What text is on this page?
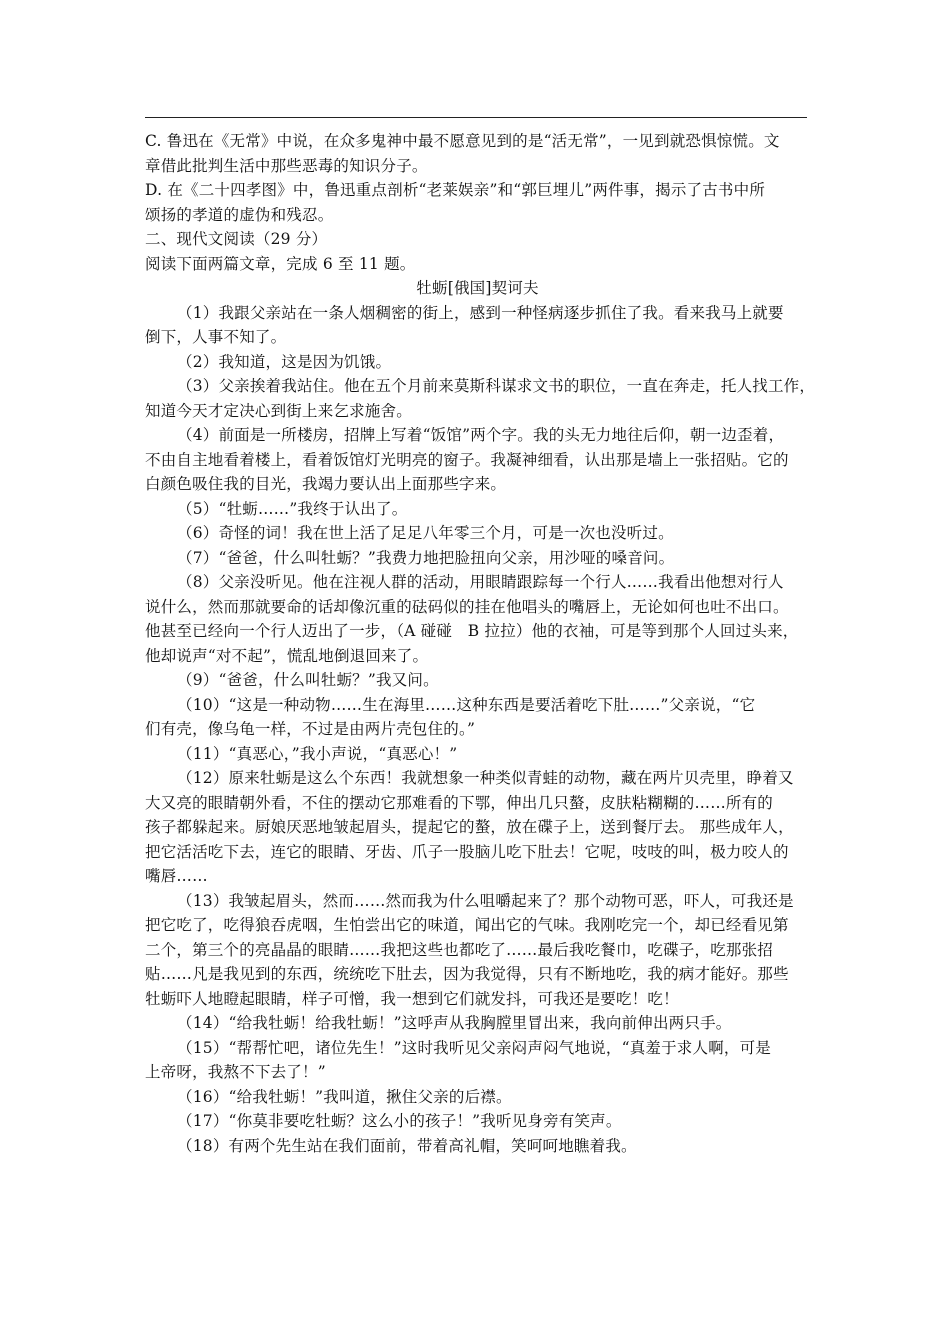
C. 鲁迅在《无常》中说，在众多鬼神中最不愿意见到的是“活无常”，一见到就恐惧惊慌。文
章借此批判生活中那些恶毒的知识分子。
D. 在《二十四孝图》中，鲁迅重点剖析“老莱娱亲”和“郭巨埋儿”两件事，揭示了古书中所
颂扬的孝道的虚伪和残忍。
二、现代文阅读（29 分）
阅读下面两篇文章，完成 6 至 11 题。
牡蛎[俄国]契诃夫
（1）我跟父亲站在一条人烟稠密的街上，感到一种怪病逐步抓住了我。看来我马上就要
倒下，人事不知了。
（2）我知道，这是因为饥饿。
（3）父亲挨着我站住。他在五个月前来莫斯科谋求文书的职位，一直在奔走，托人找工作，
知道今天才定决心到街上来乞求施舍。
（4）前面是一所楼房，招牌上写着“饭馆”两个字。我的头无力地往后仰，朝一边歪着，
不由自主地看着楼上，看着饭馆灯光明亮的窗子。我凝神细看，认出那是墙上一张招贴。它的
白颜色吸住我的目光，我竭力要认出上面那些字来。
（5）“牡蛎……”我终于认出了。
（6）奇怪的词！我在世上活了足足八年零三个月，可是一次也没听过。
（7）“爸爸，什么叫牡蛎？”我费力地把脸扭向父亲，用沙哑的嗓音问。
（8）父亲没听见。他在注视人群的活动，用眼睛跟踪每一个行人……我看出他想对行人
说什么，然而那就要命的话却像沉重的砝码似的挂在他唱头的嘴唇上，无论如何也吐不出口。
他甚至已经向一个行人迈出了一步，（A 碰碰　B 拉拉）他的衣袖，可是等到那个人回过头来，
他却说声“对不起”，慌乱地倒退回来了。
（9）“爸爸，什么叫牡蛎？”我又问。
（10）“这是一种动物……生在海里……这种东西是要活着吃下肚……”父亲说，“它
们有壳，像乌龟一样，不过是由两片壳包住的。”
（11）“真恶心，”我小声说，“真恶心！”
（12）原来牡蛎是这么个东西！我就想象一种类似青蛙的动物，藏在两片贝壳里，睁着又
大又亮的眼睛朝外看，不住的摆动它那难看的下鄂，伸出几只螯，皮肤粘糊糊的……所有的
孩子都躲起来。厨娘厌恶地皱起眉头，提起它的螯，放在碟子上，送到餐厅去。 那些成年人，
把它活活吃下去，连它的眼睛、牙齿、爪子一股脑儿吃下肚去！它呢，吱吱的叫，极力咬人的
嘴唇……
（13）我皱起眉头，然而……然而我为什么咀嚼起来了？那个动物可恶，吓人，可我还是
把它吃了，吃得狼吞虎咽，生怕尝出它的味道，闻出它的气味。我刚吃完一个，却已经看见第
二个，第三个的亮晶晶的眼睛……我把这些也都吃了……最后我吃餐巾，吃碟子，吃那张招
贴……凡是我见到的东西，统统吃下肚去，因为我觉得，只有不断地吃，我的病才能好。那些
牡蛎吓人地瞪起眼睛，样子可憎，我一想到它们就发抖，可我还是要吃！吃！
（14）“给我牡蛎！给我牡蛎！”这呼声从我胸膛里冒出来，我向前伸出两只手。
（15）“帮帮忙吧，诸位先生！”这时我听见父亲闷声闷气地说，“真羞于求人啊，可是
上帝呀，我熬不下去了！”
（16）“给我牡蛎！”我叫道，揪住父亲的后襟。
（17）“你莫非要吃牡蛎？这么小的孩子！”我听见身旁有笑声。
（18）有两个先生站在我们面前，带着高礼帽，笑呵呵地瞧着我。
